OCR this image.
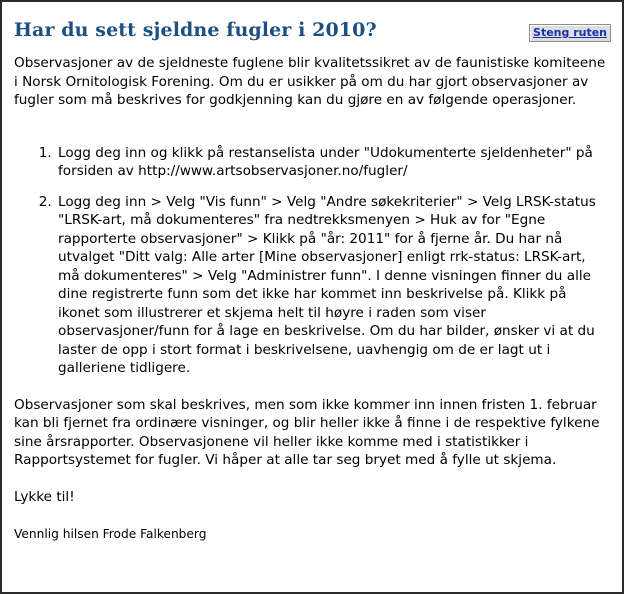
Har du sett sjeldne fugler i 2010?	Steng ruten

Observasjoner av de sjeldneste fuglene blir kvalitetssikret av de faunistiske komiteene i Norsk Ornitologisk Forening. Om du er usikker på om du har gjort observasjoner av fugler som må beskrives for godkjenning kan du gjøre en av følgende operasjoner.

1. Logg deg inn og klikk på restanselista under "Udokumenterte sjeldenheter" på forsiden av http://www.artsobservasjoner.no/fugler/
2. Logg deg inn > Velg "Vis funn" > Velg "Andre søkekriterier" > Velg LRSK-status "LRSK-art, må dokumenteres" fra nedtrekksmenyen > Huk av for "Egne rapporterte observasjoner" > Klikk på "år: 2011" for å fjerne år. Du har nå utvalget "Ditt valg: Alle arter [Mine observasjoner] enligt rrk-status: LRSK-art, må dokumenteres" > Velg "Administrer funn". I denne visningen finner du alle dine registrerte funn som det ikke har kommet inn beskrivelse på. Klikk på ikonet som illustrerer et skjema helt til høyre i raden som viser observasjoner/funn for å lage en beskrivelse. Om du har bilder, ønsker vi at du laster de opp i stort format i beskrivelsene, uavhengig om de er lagt ut i galleriene tidligere.

Observasjoner som skal beskrives, men som ikke kommer inn innen fristen 1. februar kan bli fjernet fra ordinære visninger, og blir heller ikke å finne i de respektive fylkene sine årsrapporter. Observasjonene vil heller ikke komme med i statistikker i Rapportsystemet for fugler. Vi håper at alle tar seg bryet med å fylle ut skjema.

Lykke til!

Vennlig hilsen Frode Falkenberg
